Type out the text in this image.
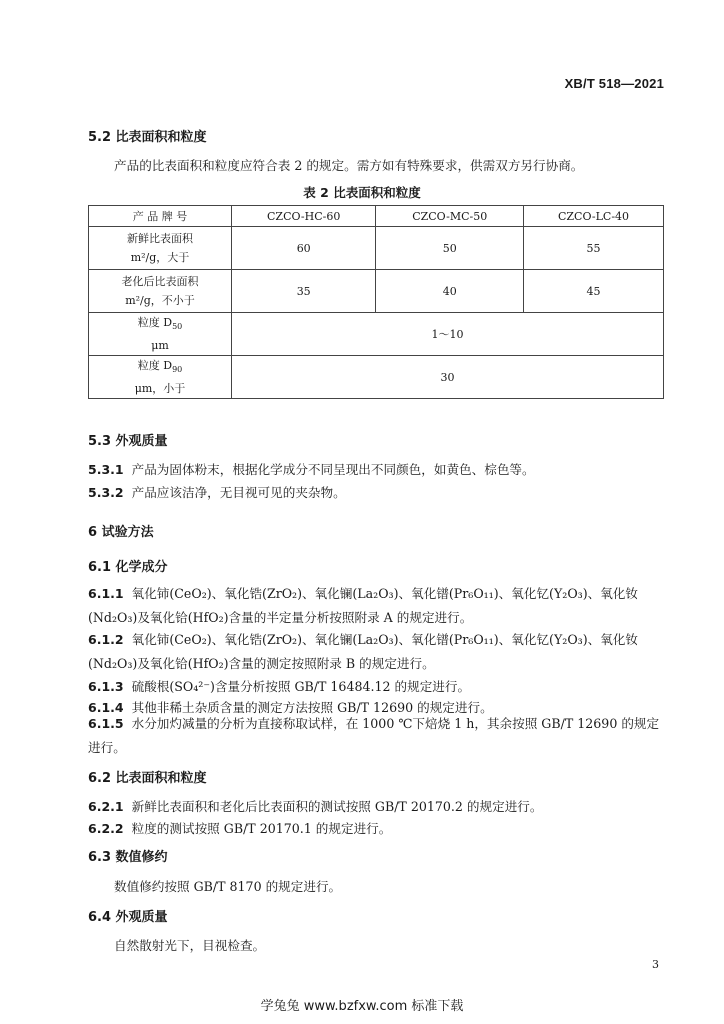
XB/T 518—2021
5.2 比表面积和粒度
产品的比表面积和粒度应符合表 2 的规定。需方如有特殊要求，供需双方另行协商。
表 2 比表面积和粒度
产 品 牌 号	CZCO-HC-60	CZCO-MC-50	CZCO-LC-40

新鲜比表面积
m²/g，大于	60	50	55

老化后比表面积
m²/g，不小于	35	40	45

粒度 $D_{50}$
μm	1～10		

粒度 $D_{90}$
μm，小于	30		
5.3 外观质量
5.3.1 产品为固体粉末，根据化学成分不同呈现出不同颜色，如黄色、棕色等。
5.3.2 产品应该洁净，无目视可见的夹杂物。
6 试验方法
6.1 化学成分
6.1.1 氧化铈(CeO₂)、氧化锆(ZrO₂)、氧化镧(La₂O₃)、氧化镨(Pr₆O₁₁)、氧化钇(Y₂O₃)、氧化钕(Nd₂O₃)及氧化铪(HfO₂)含量的半定量分析按照附录 A 的规定进行。
6.1.2 氧化铈(CeO₂)、氧化锆(ZrO₂)、氧化镧(La₂O₃)、氧化镨(Pr₆O₁₁)、氧化钇(Y₂O₃)、氧化钕(Nd₂O₃)及氧化铪(HfO₂)含量的测定按照附录 B 的规定进行。
6.1.3 硫酸根(SO₄²⁻)含量分析按照 GB/T 16484.12 的规定进行。
6.1.4 其他非稀土杂质含量的测定方法按照 GB/T 12690 的规定进行。
6.1.5 水分加灼减量的分析为直接称取试样，在 1000 ℃下焙烧 1 h，其余按照 GB/T 12690 的规定进行。
6.2 比表面积和粒度
6.2.1 新鲜比表面积和老化后比表面积的测试按照 GB/T 20170.2 的规定进行。
6.2.2 粒度的测试按照 GB/T 20170.1 的规定进行。
6.3 数值修约
数值修约按照 GB/T 8170 的规定进行。
6.4 外观质量
自然散射光下，目视检查。
3
学兔兔 www.bzfxw.com 标准下载
